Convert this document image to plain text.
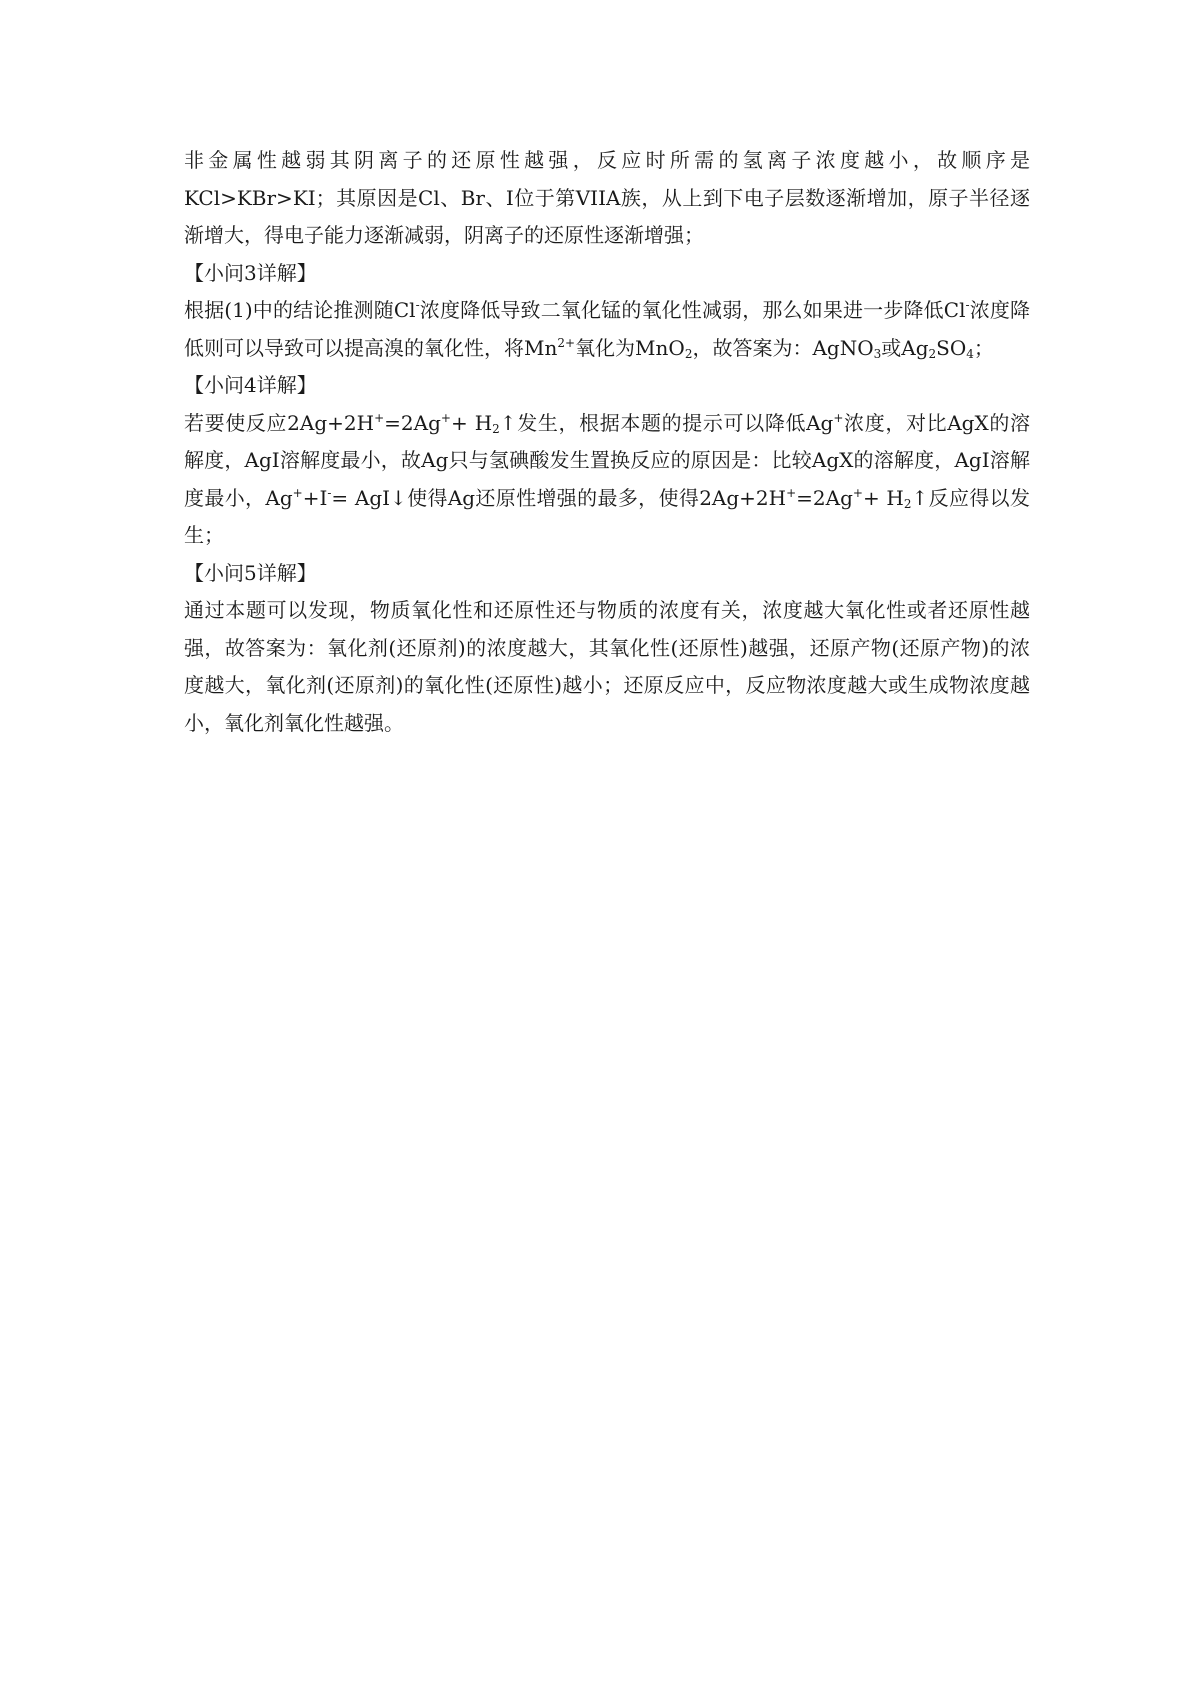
非金属性越弱其阴离子的还原性越强，反应时所需的氢离子浓度越小，故顺序是KCl>KBr>KI；其原因是Cl、Br、I位于第VIIA族，从上到下电子层数逐渐增加，原子半径逐渐增大，得电子能力逐渐减弱，阴离子的还原性逐渐增强；

【小问3详解】

根据(1)中的结论推测随Cl-浓度降低导致二氧化锰的氧化性减弱，那么如果进一步降低Cl-浓度降低则可以导致可以提高溴的氧化性，将$Mn^{2+}$氧化为MnO$_2$，故答案为：AgNO$_3$或$Ag_2SO_4$；

【小问4详解】

若要使反应$2Ag+2H^+=2Ag^++ H_2↑$发生，根据本题的提示可以降低Ag+浓度，对比AgX的溶解度，AgI溶解度最小，故Ag只与氢碘酸发生置换反应的原因是：比较AgX的溶解度，AgI溶解度最小，Ag++I-= AgI↓使得Ag还原性增强的最多，使得$2Ag+2H^+=2Ag^++ H_2↑$反应得以发生；

【小问5详解】

通过本题可以发现，物质氧化性和还原性还与物质的浓度有关，浓度越大氧化性或者还原性越强，故答案为：氧化剂(还原剂)的浓度越大，其氧化性(还原性)越强，还原产物(还原产物)的浓度越大，氧化剂(还原剂)的氧化性(还原性)越小；还原反应中，反应物浓度越大或生成物浓度越小，氧化剂氧化性越强。
